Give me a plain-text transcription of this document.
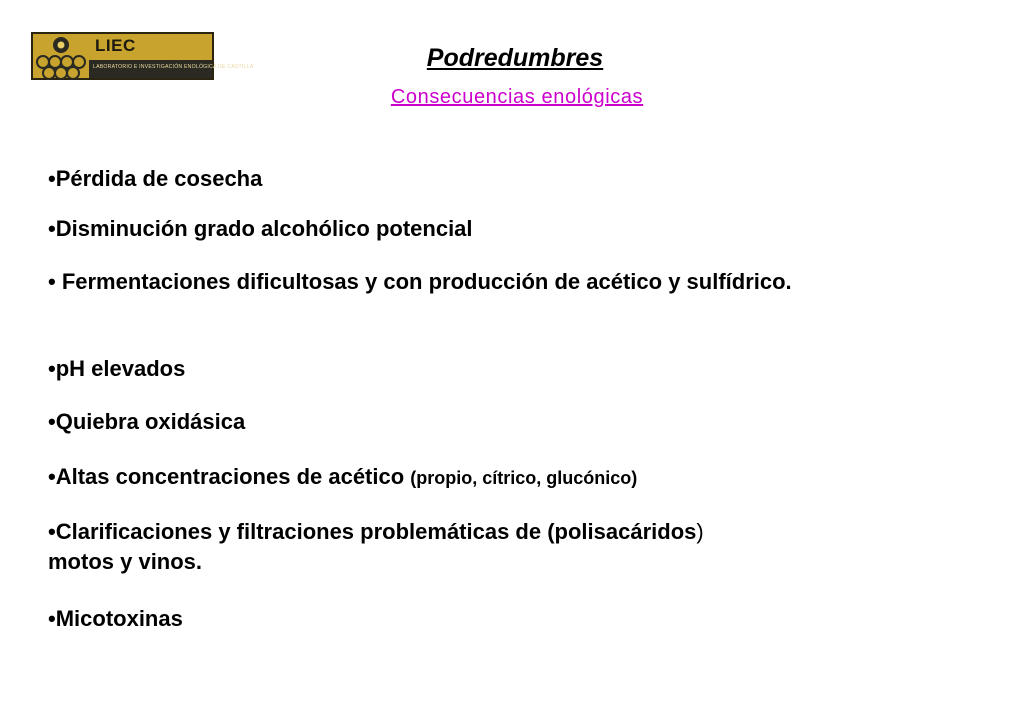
LIEC
LABORATORIO E INVESTIGACIÓN ENOLÓGICA DE CASTILLA	Podredumbres
Consecuencias enológicas

•Pérdida de cosecha

•Disminución grado alcohólico potencial

• Fermentaciones dificultosas y con producción de acético y sulfídrico.

•pH elevados

•Quiebra oxidásica

•Altas concentraciones de acético (propio, cítrico, glucónico)

•Clarificaciones y filtraciones problemáticas de (polisacáridos) motos y vinos.

•Micotoxinas
